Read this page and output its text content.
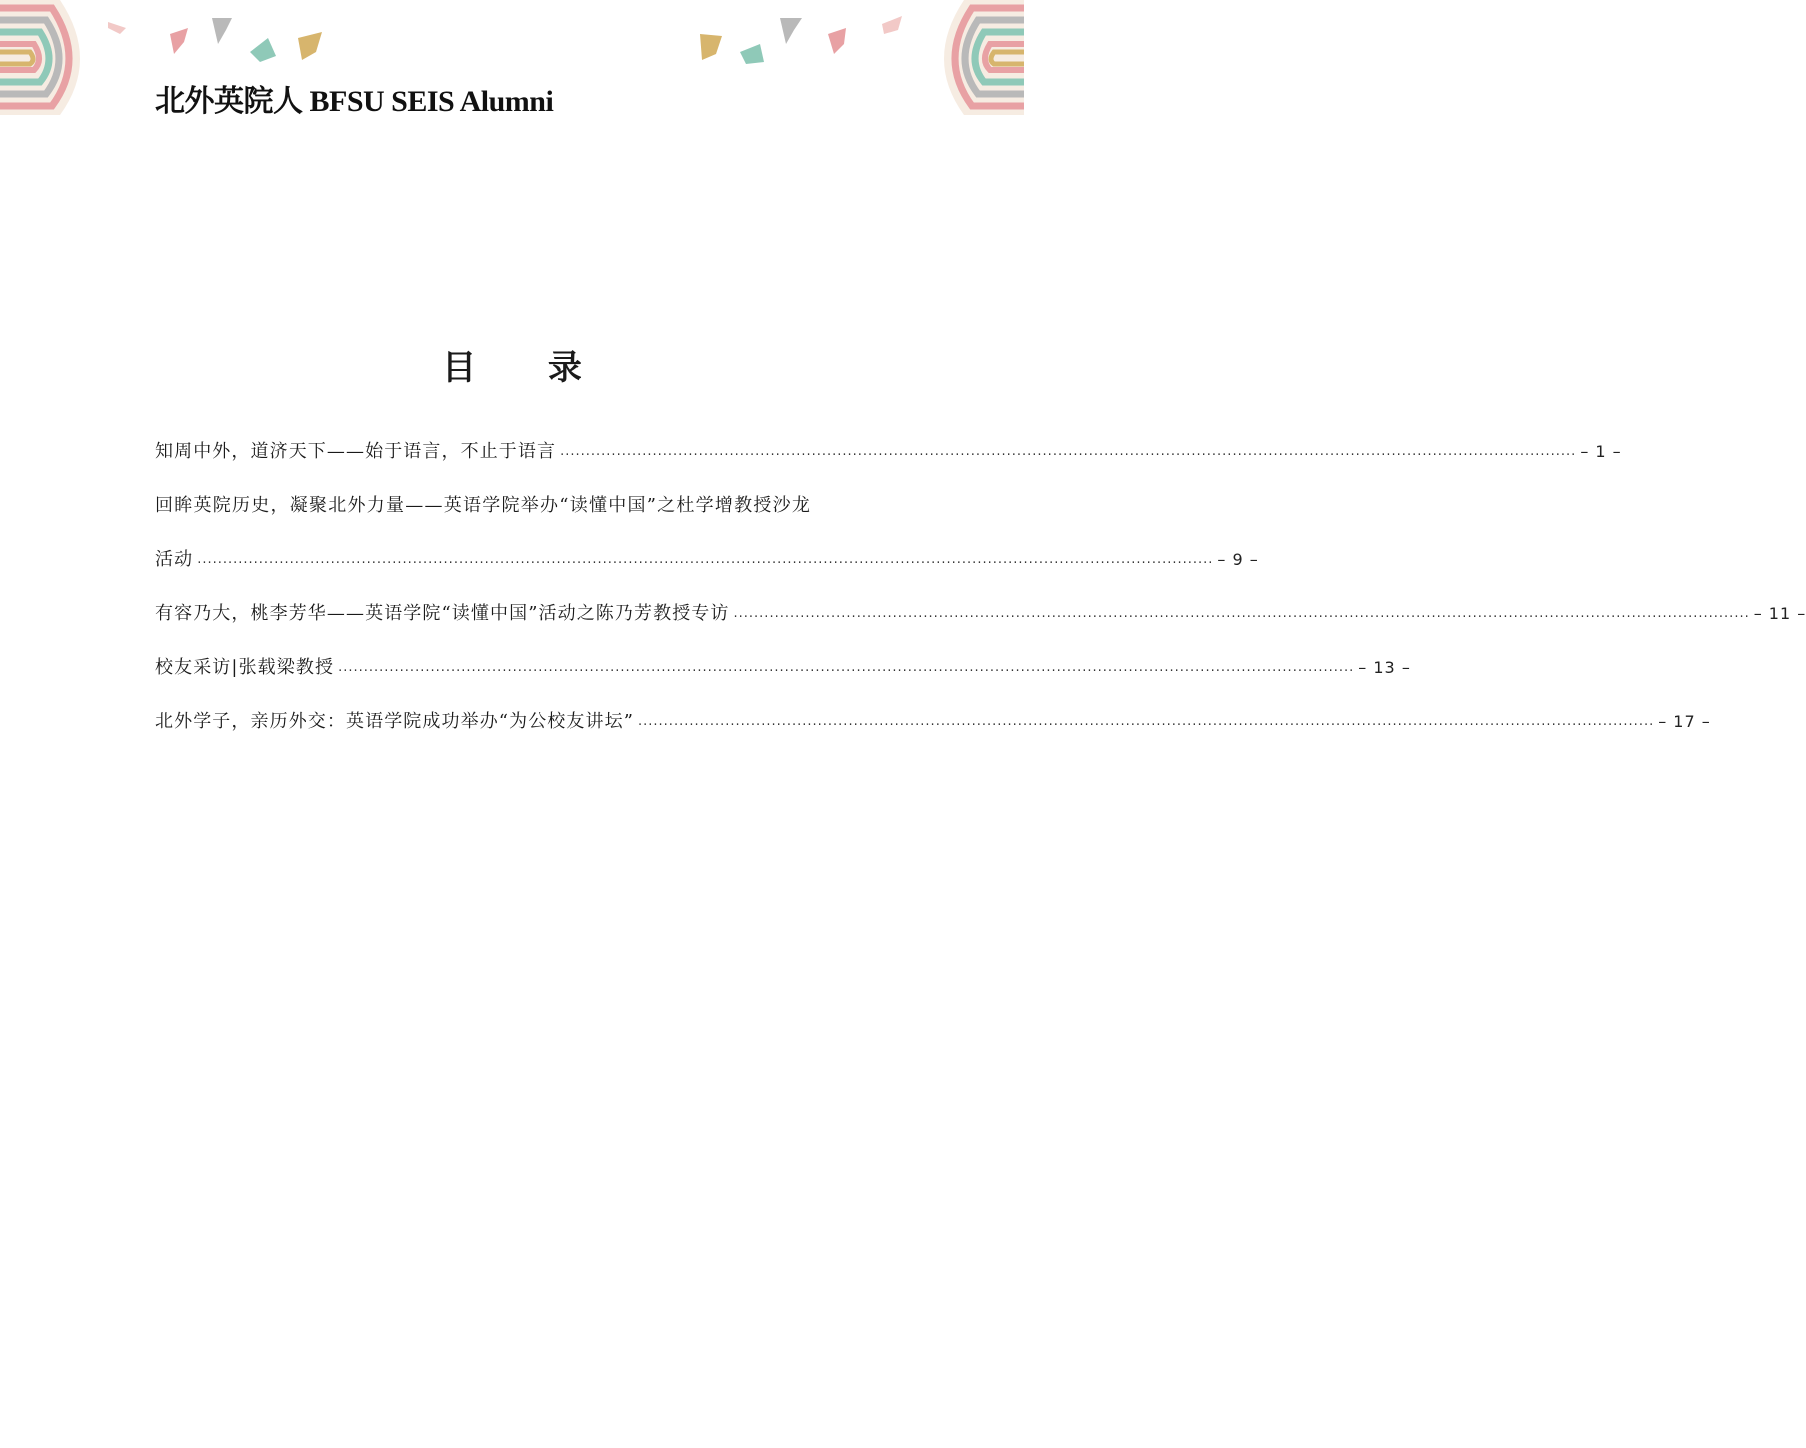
北外英院人 BFSU SEIS Alumni
目 录
知周中外，道济天下——始于语言，不止于语言 ...................................................................................................................................................................................................... – 1 –
回眸英院历史，凝聚北外力量——英语学院举办“读懂中国”之杜学增教授沙龙
活动 ...................................................................................................................................................................................................... – 9 –
有容乃大，桃李芳华——英语学院“读懂中国”活动之陈乃芳教授专访 ...................................................................................................................................................................................................... – 11 –
校友采访|张载梁教授 ...................................................................................................................................................................................................... – 13 –
北外学子，亲历外交：英语学院成功举办“为公校友讲坛” ...................................................................................................................................................................................................... – 17 –
